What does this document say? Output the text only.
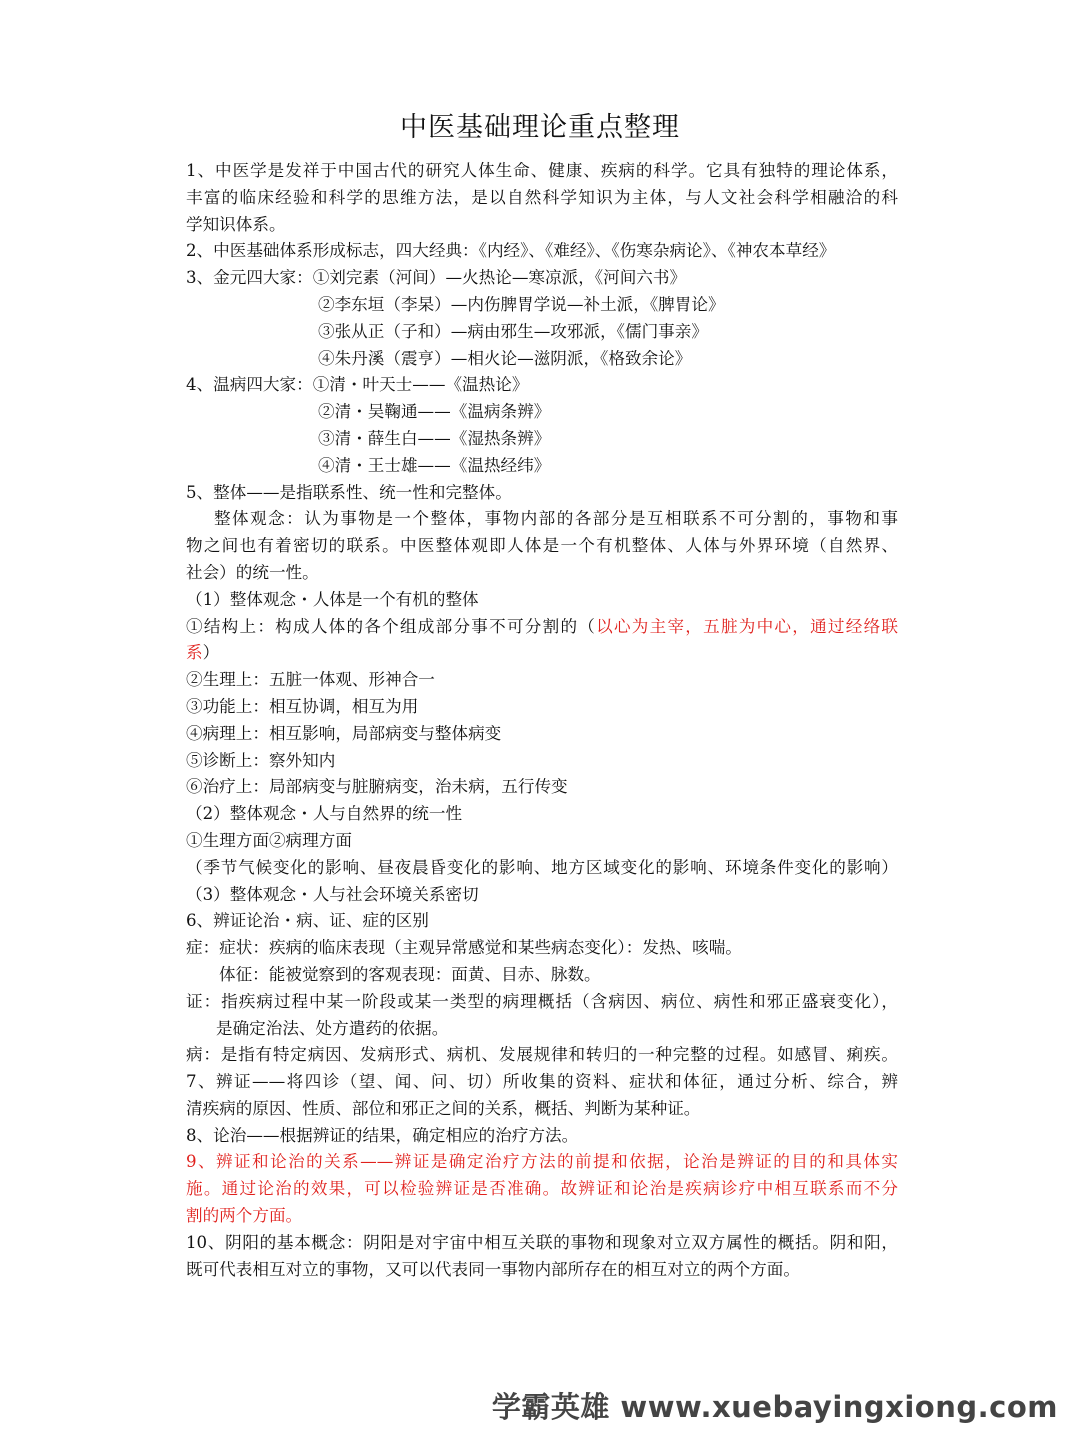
中医基础理论重点整理
1、中医学是发祥于中国古代的研究人体生命、健康、疾病的科学。它具有独特的理论体系，
丰富的临床经验和科学的思维方法，是以自然科学知识为主体，与人文社会科学相融洽的科
学知识体系。
2、中医基础体系形成标志，四大经典：《内经》、《难经》、《伤寒杂病论》、《神农本草经》
3、金元四大家：①刘完素（河间）—火热论—寒凉派，《河间六书》
②李东垣（李杲）—内伤脾胃学说—补土派，《脾胃论》
③张从正（子和）—病由邪生—攻邪派，《儒门事亲》
④朱丹溪（震亨）—相火论—滋阴派，《格致余论》
4、温病四大家：①清・叶天士——《温热论》
②清・吴鞠通——《温病条辨》
③清・薛生白——《湿热条辨》
④清・王士雄——《温热经纬》
5、整体——是指联系性、统一性和完整体。
整体观念：认为事物是一个整体，事物内部的各部分是互相联系不可分割的，事物和事
物之间也有着密切的联系。中医整体观即人体是一个有机整体、人体与外界环境（自然界、
社会）的统一性。
（1）整体观念・人体是一个有机的整体
①结构上：构成人体的各个组成部分事不可分割的（以心为主宰，五脏为中心，通过经络联
系）
②生理上：五脏一体观、形神合一
③功能上：相互协调，相互为用
④病理上：相互影响，局部病变与整体病变
⑤诊断上：察外知内
⑥治疗上：局部病变与脏腑病变，治未病，五行传变
（2）整体观念・人与自然界的统一性
①生理方面②病理方面
（季节气候变化的影响、昼夜晨昏变化的影响、地方区域变化的影响、环境条件变化的影响）
（3）整体观念・人与社会环境关系密切
6、辨证论治・病、证、症的区别
症：症状：疾病的临床表现（主观异常感觉和某些病态变化）：发热、咳喘。
体征：能被觉察到的客观表现：面黄、目赤、脉数。
证：指疾病过程中某一阶段或某一类型的病理概括（含病因、病位、病性和邪正盛衰变化），
是确定治法、处方遣药的依据。
病：是指有特定病因、发病形式、病机、发展规律和转归的一种完整的过程。如感冒、痢疾。
7、辨证——将四诊（望、闻、问、切）所收集的资料、症状和体征，通过分析、综合，辨
清疾病的原因、性质、部位和邪正之间的关系，概括、判断为某种证。
8、论治——根据辨证的结果，确定相应的治疗方法。
9、辨证和论治的关系——辨证是确定治疗方法的前提和依据，论治是辨证的目的和具体实
施。通过论治的效果，可以检验辨证是否准确。故辨证和论治是疾病诊疗中相互联系而不分
割的两个方面。
10、阴阳的基本概念：阴阳是对宇宙中相互关联的事物和现象对立双方属性的概括。阴和阳，
既可代表相互对立的事物，又可以代表同一事物内部所存在的相互对立的两个方面。
学霸英雄 www.xuebayingxiong.com
